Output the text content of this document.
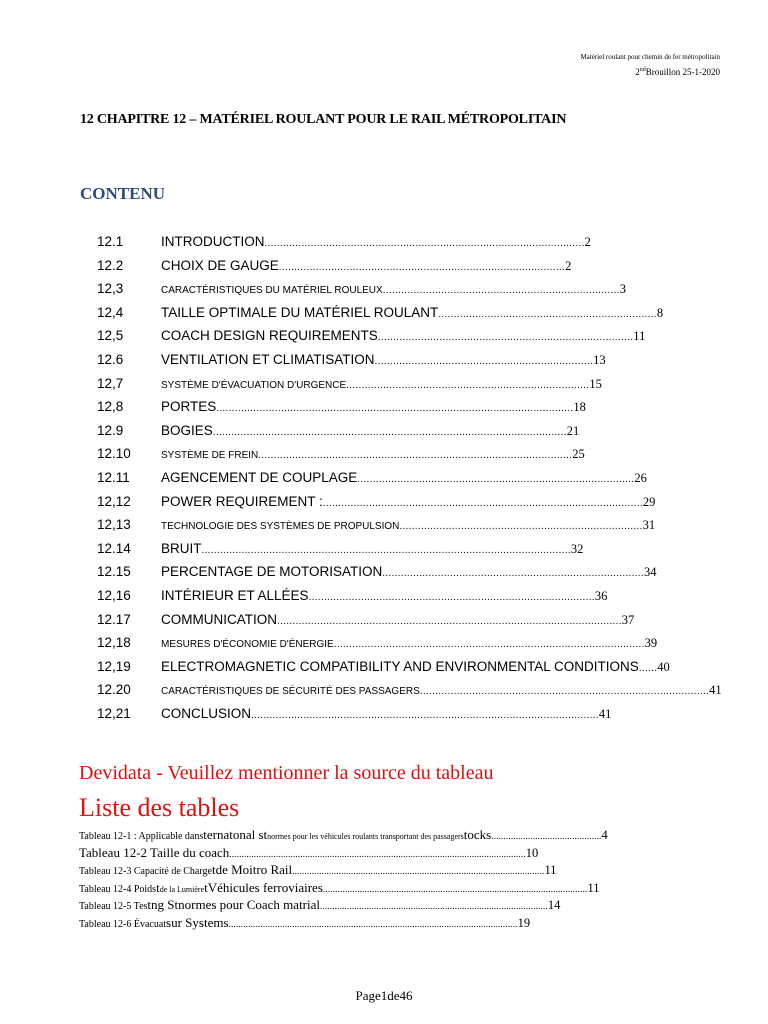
Matériel roulant pour chemin de fer métropolitain
2ndBrouillon 25-1-2020
12 CHAPITRE 12 – MATÉRIEL ROULANT POUR LE RAIL MÉTROPOLITAIN
CONTENU
12.1	INTRODUCTION........................................................................................................2
12.2	CHOIX DE GAUGE.............................................................................................2
12,3	CARACTÉRISTIQUES DU MATÉRIEL ROULEUX.............................................................................3
12,4	TAILLE OPTIMALE DU MATÉRIEL ROULANT.......................................................................8
12,5	COACH DESIGN REQUIREMENTS...................................................................................11
12.6	VENTILATION ET CLIMATISATION.......................................................................13
12,7	SYSTÈME D'ÉVACUATION D'URGENCE...............................................................................15
12,8	PORTES....................................................................................................................18
12.9	BOGIES...................................................................................................................21
12.10	SYSTÈME DE FREIN......................................................................................................25
12.11 AGENCEMENT DE COUPLAGE..........................................................................................26
12,12 POWER REQUIREMENT :........................................................................................................29
12,13	TECHNOLOGIE DES SYSTÈMES DE PROPULSION...............................................................................31
12.14 BRUIT........................................................................................................................32
12.15 PERCENTAGE DE MOTORISATION.....................................................................................34
12,16 INTÉRIEUR ET ALLÉES.............................................................................................36
12.17 COMMUNICATION................................................................................................................37
12,18	MESURES D'ÉCONOMIE D'ÉNERGIE.....................................................................................................39
12,19 ELECTROMAGNETIC COMPATIBILITY AND ENVIRONMENTAL CONDITIONS......40
12.20	CARACTÉRISTIQUES DE SÉCURITÉ DES PASSAGERS..............................................................................................41
12,21 CONCLUSION.................................................................................................................41
Devidata - Veuillez mentionner la source du tableau
Liste des tables
Tableau 12-1 : Applicable dansternatonal stnormes pour les véhicules roulants transportant des passagerstocks.............................................4
Tableau 12-2 Taille du coach.........................................................................................................................10
Tableau 12-3 Capacité de Chargetde Moitro Rail.......................................................................................................11
Tableau 12-4 Poidstde la LumièretVéhicules ferroviaires............................................................................................................11
Tableau 12-5 Testng Stnormes pour Coach matrial.............................................................................................14
Tableau 12-6 Évacuatsur Systems......................................................................................................................19
Page1de46
